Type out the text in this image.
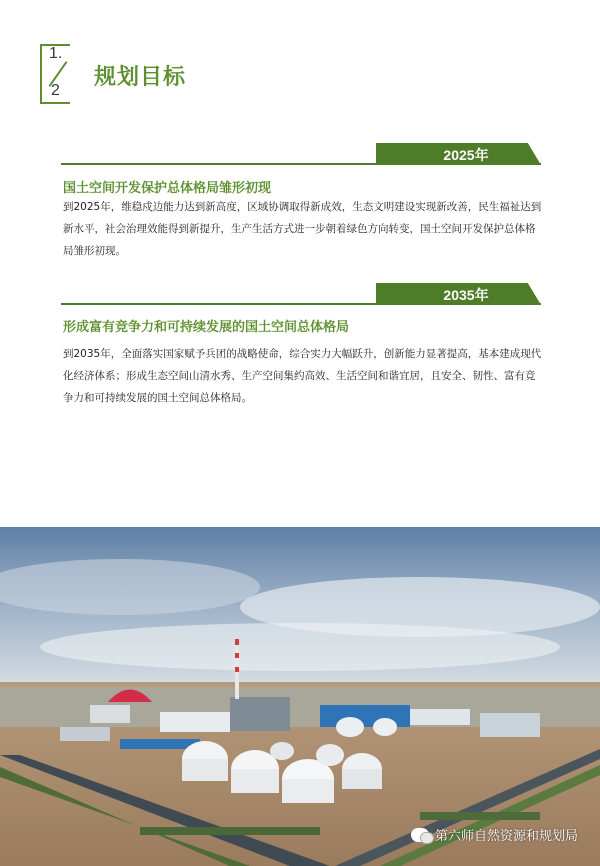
1.
2
规划目标
2025年
国土空间开发保护总体格局雏形初现
到2025年，维稳戍边能力达到新高度，区域协调取得新成效，生态文明建设实现新改善，民生福祉达到新水平，社会治理效能得到新提升，生产生活方式进一步朝着绿色方向转变，国土空间开发保护总体格局雏形初现。
2035年
形成富有竞争力和可持续发展的国土空间总体格局
到2035年，全面落实国家赋予兵团的战略使命，综合实力大幅跃升，创新能力显著提高，基本建成现代化经济体系；形成生态空间山清水秀、生产空间集约高效、生活空间和谐宜居，且安全、韧性、富有竞争力和可持续发展的国土空间总体格局。
第六师自然资源和规划局
